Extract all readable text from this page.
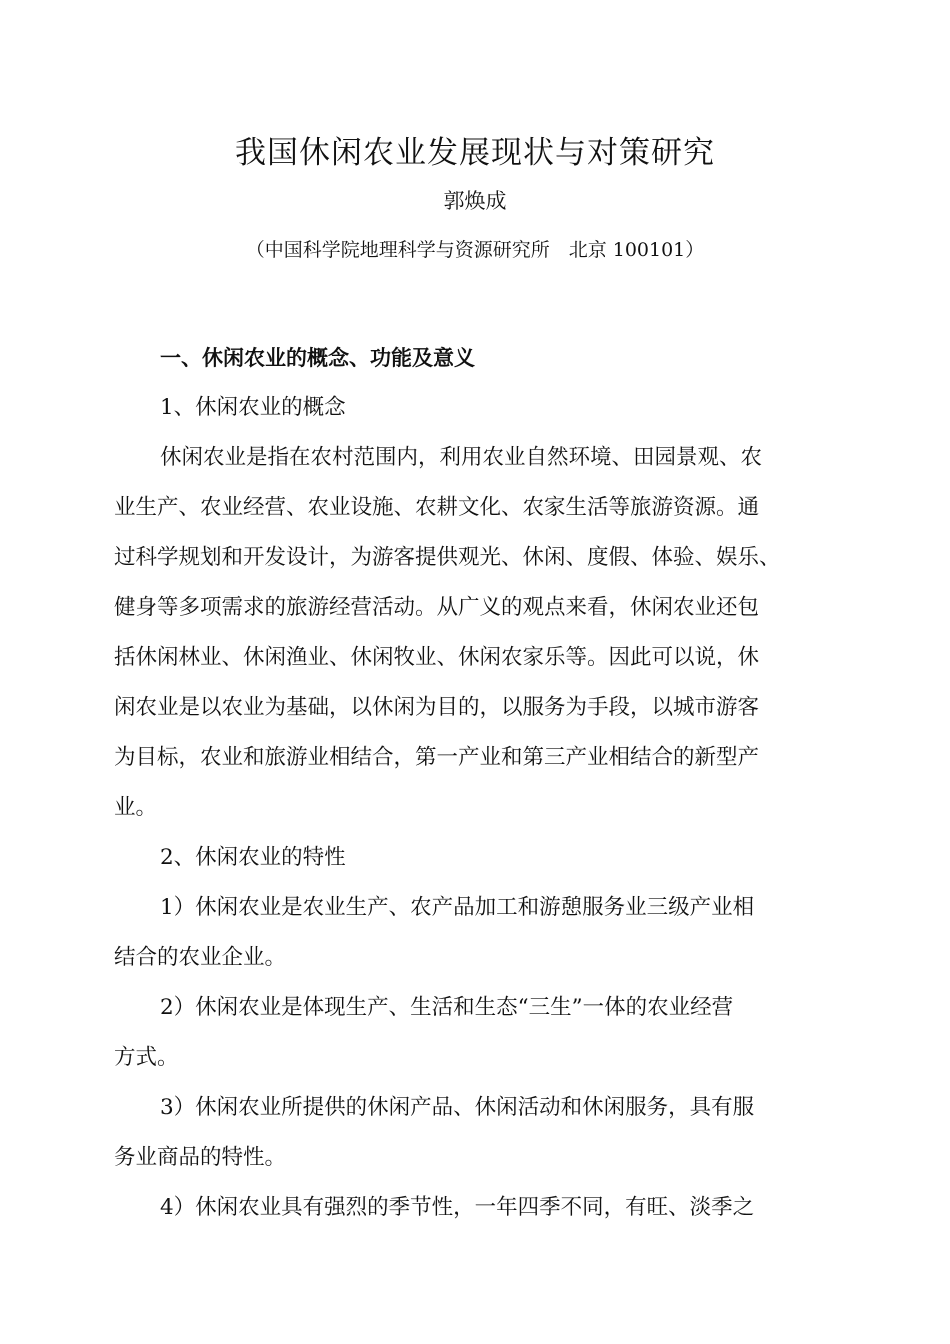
我国休闲农业发展现状与对策研究
郭焕成
（中国科学院地理科学与资源研究所　北京 100101）
一、休闲农业的概念、功能及意义
1、休闲农业的概念
休闲农业是指在农村范围内，利用农业自然环境、田园景观、农
业生产、农业经营、农业设施、农耕文化、农家生活等旅游资源。通
过科学规划和开发设计，为游客提供观光、休闲、度假、体验、娱乐、
健身等多项需求的旅游经营活动。从广义的观点来看，休闲农业还包
括休闲林业、休闲渔业、休闲牧业、休闲农家乐等。因此可以说，休
闲农业是以农业为基础，以休闲为目的，以服务为手段，以城市游客
为目标，农业和旅游业相结合，第一产业和第三产业相结合的新型产
业。
2、休闲农业的特性
1）休闲农业是农业生产、农产品加工和游憩服务业三级产业相
结合的农业企业。
2）休闲农业是体现生产、生活和生态“三生”一体的农业经营
方式。
3）休闲农业所提供的休闲产品、休闲活动和休闲服务，具有服
务业商品的特性。
4）休闲农业具有强烈的季节性，一年四季不同，有旺、淡季之
